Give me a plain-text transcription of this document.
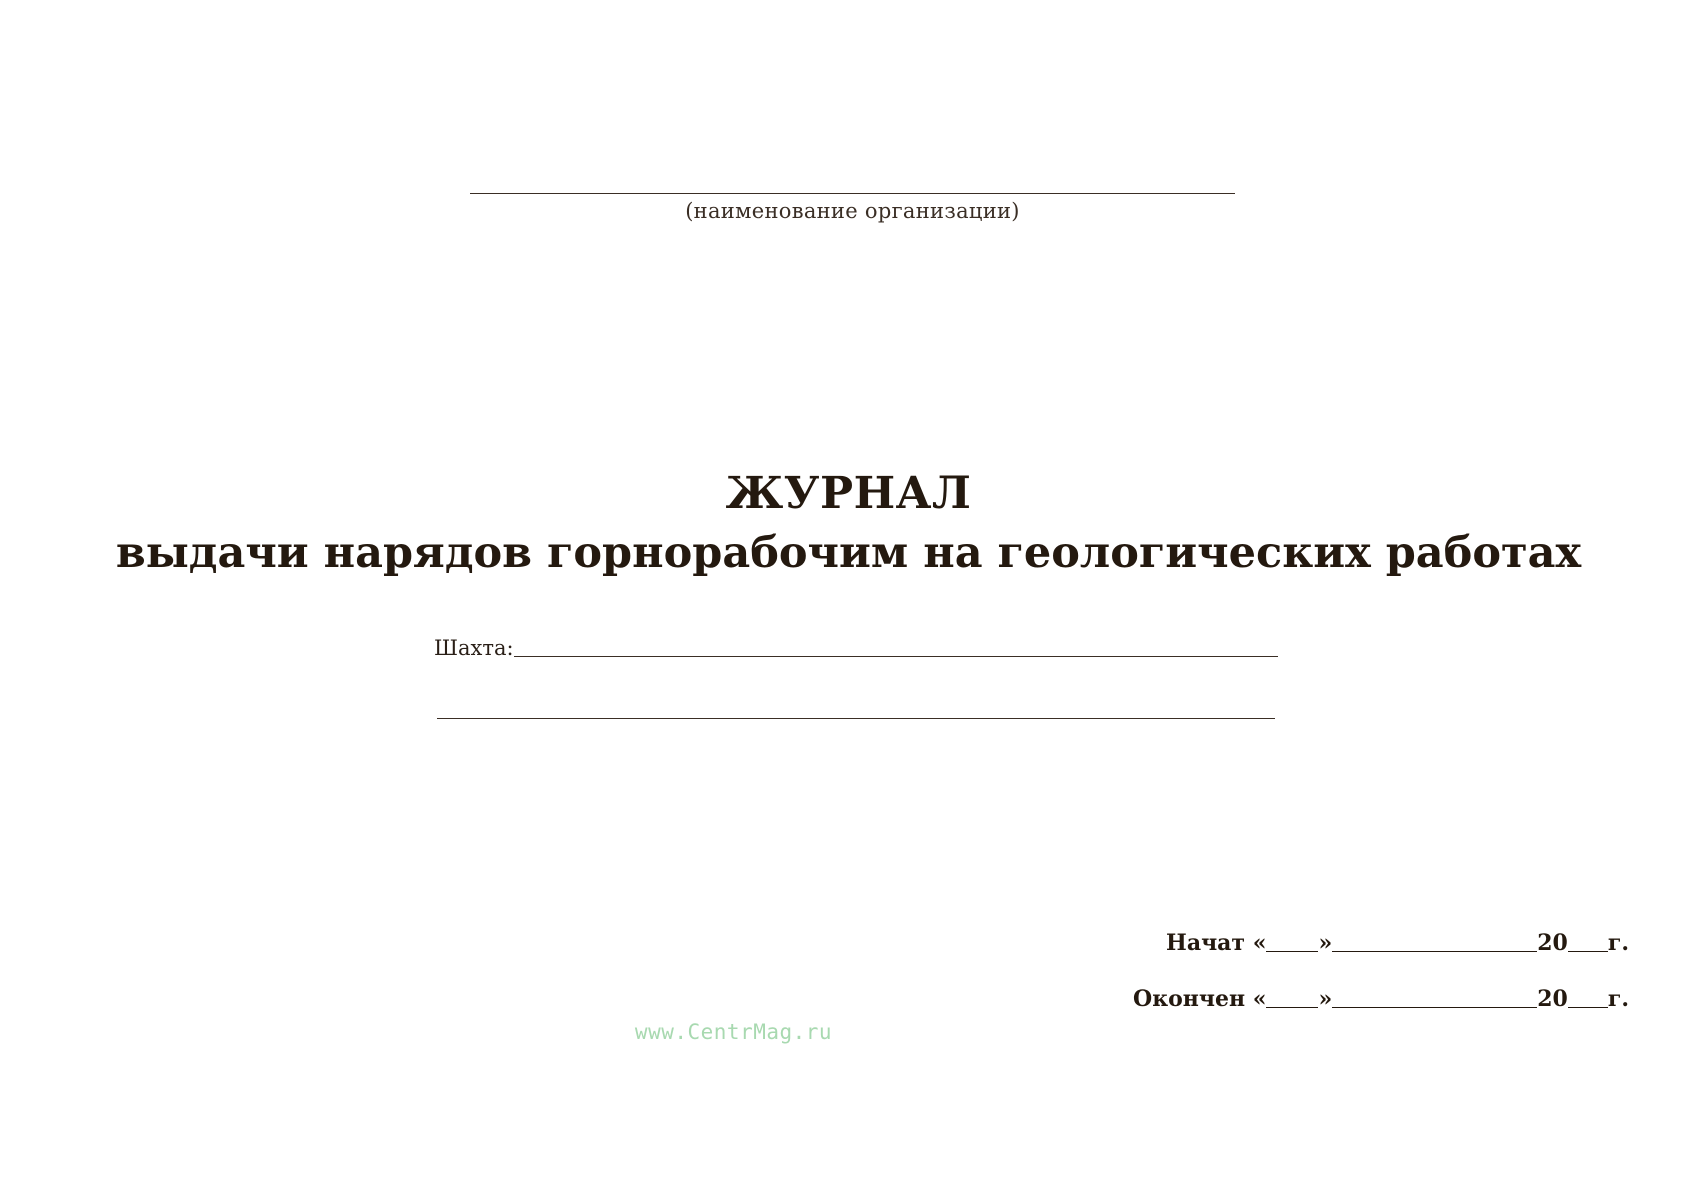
(наименование организации)
ЖУРНАЛ
выдачи нарядов горнорабочим на геологических работах
Шахта:
Начат « »	20 г.
Окончен « »	20 г.
www.CentrMag.ru
